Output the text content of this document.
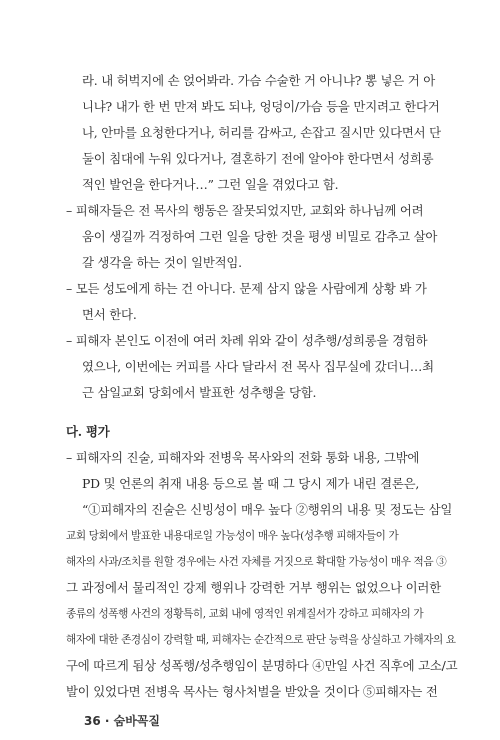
라. 내 허벅지에 손 얹어봐라. 가슴 수술한 거 아니냐? 뽕 넣은 거 아
니냐? 내가 한 번 만져 봐도 되냐, 엉덩이/가슴 등을 만지려고 한다거
나, 안마를 요청한다거나, 허리를 감싸고, 손잡고 질시만 있다면서 단
둘이 침대에 누워 있다거나, 결혼하기 전에 알아야 한다면서 성희롱
적인 발언을 한다거나…” 그런 일을 겪었다고 함.
– 피해자들은 전 목사의 행동은 잘못되었지만, 교회와 하나님께 어려
움이 생길까 걱정하여 그런 일을 당한 것을 평생 비밀로 감추고 살아
갈 생각을 하는 것이 일반적임.
– 모든 성도에게 하는 건 아니다. 문제 삼지 않을 사람에게 상황 봐 가
면서 한다.
– 피해자 본인도 이전에 여러 차례 위와 같이 성추행/성희롱을 경험하
였으나, 이번에는 커피를 사다 달라서 전 목사 집무실에 갔더니…최
근 삼일교회 당회에서 발표한 성추행을 당함.
다. 평가
– 피해자의 진술, 피해자와 전병욱 목사와의 전화 통화 내용, 그밖에
PD 및 언론의 취재 내용 등으로 볼 때 그 당시 제가 내린 결론은,
“①피해자의 진술은 신빙성이 매우 높다 ②행위의 내용 및 정도는 삼일
교회 당회에서 발표한 내용대로일 가능성이 매우 높다(성추행 피해자들이 가
해자의 사과/조치를 원할 경우에는 사건 자체를 거짓으로 확대할 가능성이 매우 적음 ③
그 과정에서 물리적인 강제 행위나 강력한 거부 행위는 없었으나 이러한
종류의 성폭행 사건의 정황특히, 교회 내에 영적인 위계질서가 강하고 피해자의 가
해자에 대한 존경심이 강력할 때, 피해자는 순간적으로 판단 능력을 상실하고 가해자의 요
구에 따르게 됨상 성폭행/성추행임이 분명하다 ④만일 사건 직후에 고소/고
발이 있었다면 전병욱 목사는 형사처벌을 받았을 것이다 ⑤피해자는 전
36 · 숨바꼭질
